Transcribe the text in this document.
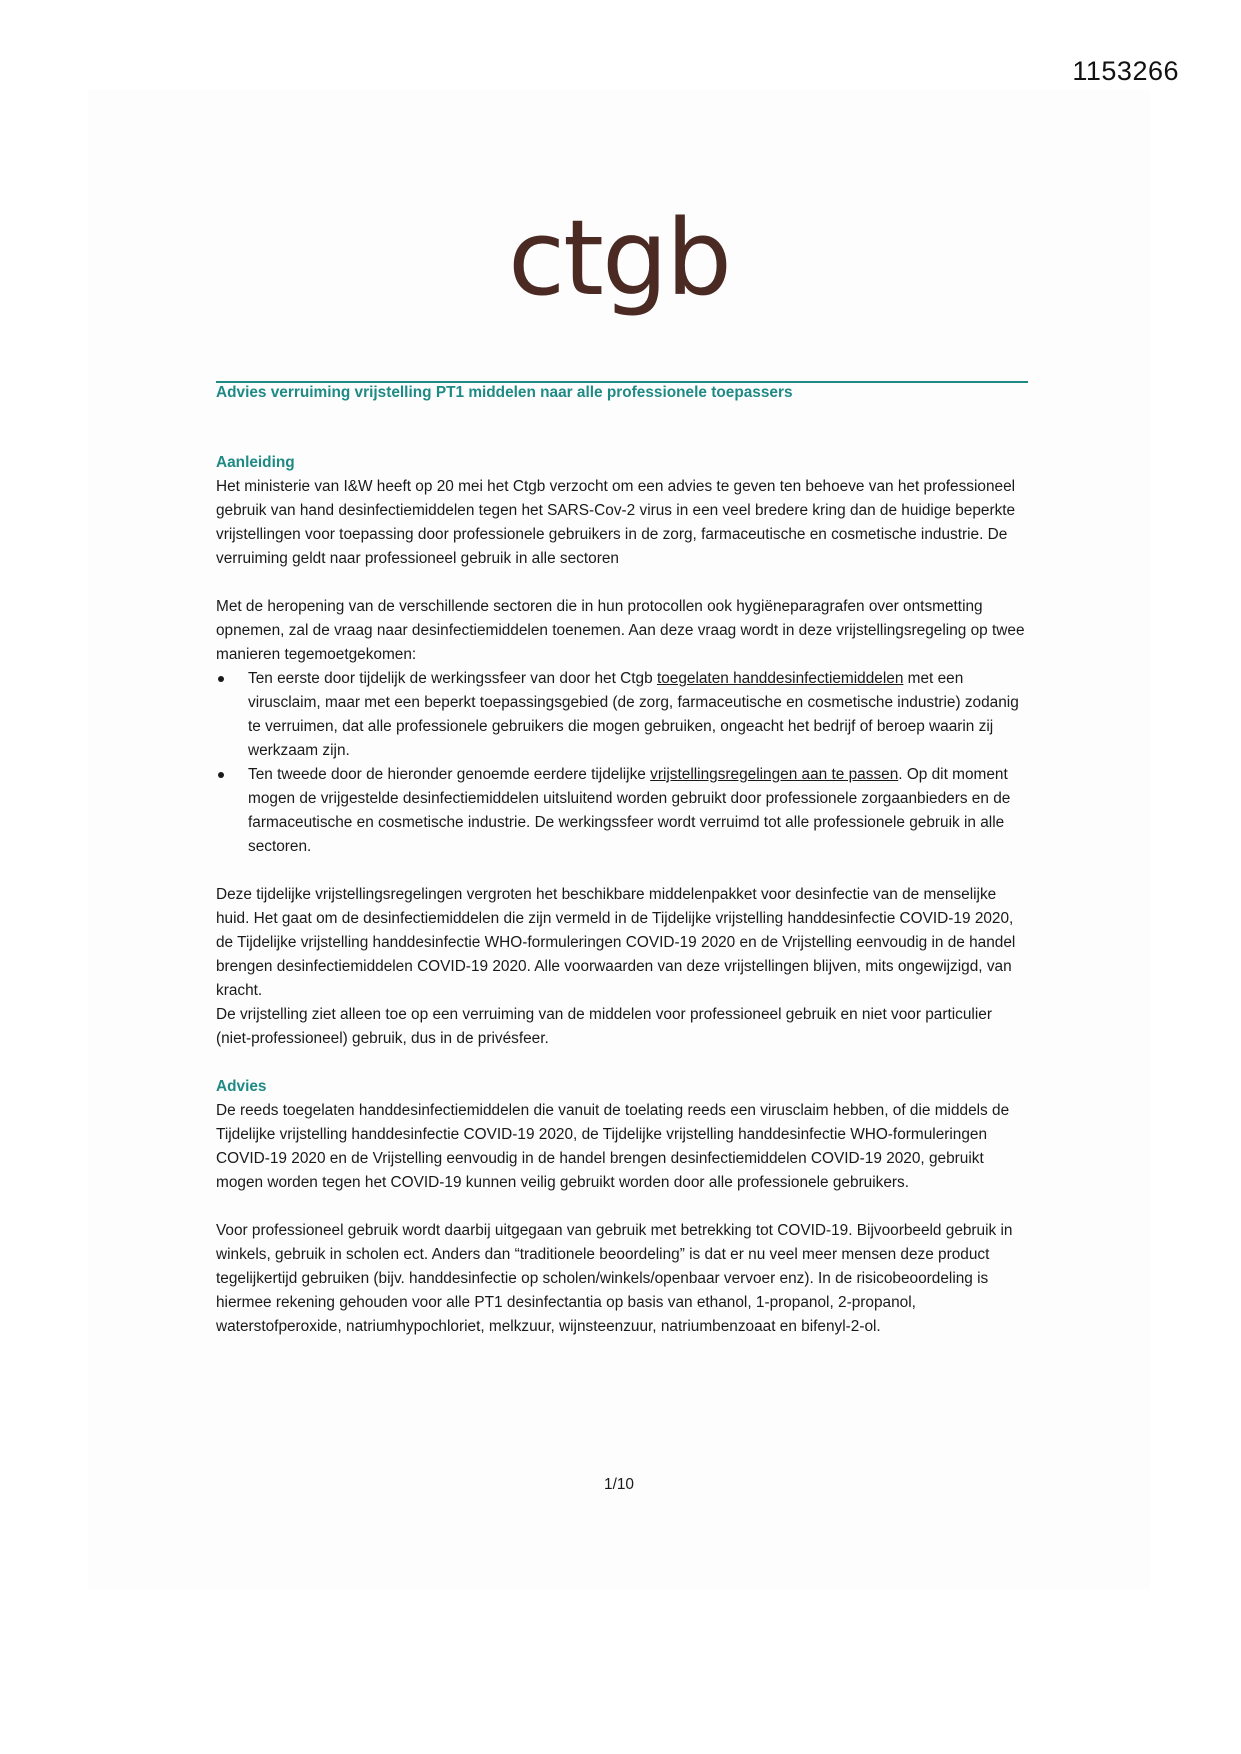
1153266
ctgb
Advies verruiming vrijstelling PT1 middelen naar alle professionele toepassers
Aanleiding

Het ministerie van I&W heeft op 20 mei het Ctgb verzocht om een advies te geven ten behoeve van het professioneel gebruik van hand desinfectiemiddelen tegen het SARS-Cov-2 virus in een veel bredere kring dan de huidige beperkte vrijstellingen voor toepassing door professionele gebruikers in de zorg, farmaceutische en cosmetische industrie. De verruiming geldt naar professioneel gebruik in alle sectoren

Met de heropening van de verschillende sectoren die in hun protocollen ook hygiëneparagrafen over ontsmetting opnemen, zal de vraag naar desinfectiemiddelen toenemen. Aan deze vraag wordt in deze vrijstellingsregeling op twee manieren tegemoetgekomen:

Ten eerste door tijdelijk de werkingssfeer van door het Ctgb toegelaten handdesinfectiemiddelen met een virusclaim, maar met een beperkt toepassingsgebied (de zorg, farmaceutische en cosmetische industrie) zodanig te verruimen, dat alle professionele gebruikers die mogen gebruiken, ongeacht het bedrijf of beroep waarin zij werkzaam zijn.
Ten tweede door de hieronder genoemde eerdere tijdelijke vrijstellingsregelingen aan te passen. Op dit moment mogen de vrijgestelde desinfectiemiddelen uitsluitend worden gebruikt door professionele zorgaanbieders en de farmaceutische en cosmetische industrie. De werkingssfeer wordt verruimd tot alle professionele gebruik in alle sectoren.

Deze tijdelijke vrijstellingsregelingen vergroten het beschikbare middelenpakket voor desinfectie van de menselijke huid. Het gaat om de desinfectiemiddelen die zijn vermeld in de Tijdelijke vrijstelling handdesinfectie COVID-19 2020, de Tijdelijke vrijstelling handdesinfectie WHO-formuleringen COVID-19 2020 en de Vrijstelling eenvoudig in de handel brengen desinfectiemiddelen COVID-19 2020. Alle voorwaarden van deze vrijstellingen blijven, mits ongewijzigd, van kracht.

De vrijstelling ziet alleen toe op een verruiming van de middelen voor professioneel gebruik en niet voor particulier (niet-professioneel) gebruik, dus in de privésfeer.

Advies

De reeds toegelaten handdesinfectiemiddelen die vanuit de toelating reeds een virusclaim hebben, of die middels de Tijdelijke vrijstelling handdesinfectie COVID-19 2020, de Tijdelijke vrijstelling handdesinfectie WHO-formuleringen COVID-19 2020 en de Vrijstelling eenvoudig in de handel brengen desinfectiemiddelen COVID-19 2020, gebruikt mogen worden tegen het COVID-19 kunnen veilig gebruikt worden door alle professionele gebruikers.

Voor professioneel gebruik wordt daarbij uitgegaan van gebruik met betrekking tot COVID-19. Bijvoorbeeld gebruik in winkels, gebruik in scholen ect. Anders dan “traditionele beoordeling” is dat er nu veel meer mensen deze product tegelijkertijd gebruiken (bijv. handdesinfectie op scholen/winkels/openbaar vervoer enz). In de risicobeoordeling is hiermee rekening gehouden voor alle PT1 desinfectantia op basis van ethanol, 1-propanol, 2-propanol, waterstofperoxide, natriumhypochloriet, melkzuur, wijnsteenzuur, natriumbenzoaat en bifenyl-2-ol.

1/10
